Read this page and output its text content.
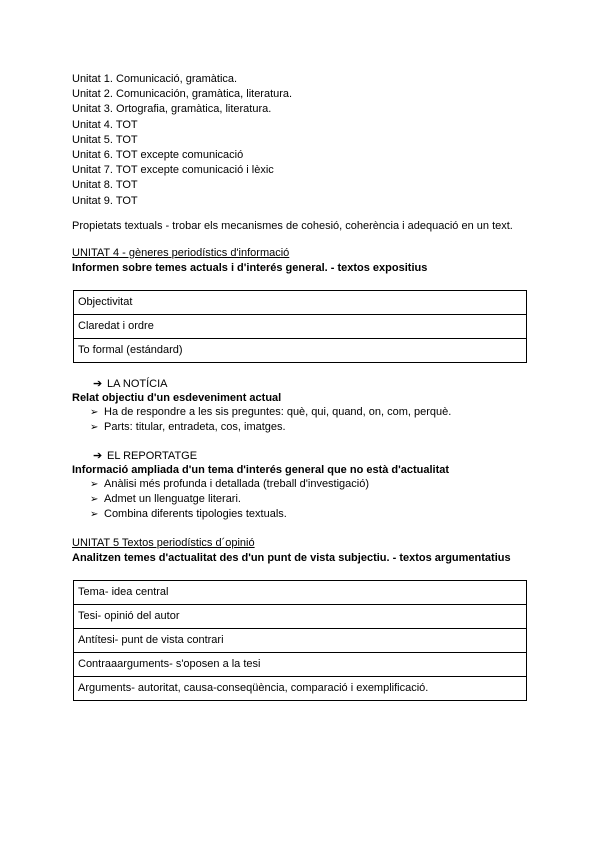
Unitat 1. Comunicació, gramàtica.
Unitat 2. Comunicación, gramàtica, literatura.
Unitat 3. Ortografia, gramàtica, literatura.
Unitat 4. TOT
Unitat 5. TOT
Unitat 6. TOT excepte comunicació
Unitat 7. TOT excepte comunicació i lèxic
Unitat 8. TOT
Unitat 9. TOT
Propietats textuals - trobar els mecanismes de cohesió, coherència i adequació en un text.
UNITAT 4 - gèneres periodístics d'informació
Informen sobre temes actuals i d'interés general. - textos expositius
Objectivitat
Claredat i ordre
To formal (estándard)
➔ LA NOTÍCIA
Relat objectiu d'un esdeveniment actual
➢ Ha de respondre a les sis preguntes: què, qui, quand, on, com, perquè.
➢ Parts: titular, entradeta, cos, imatges.
➔ EL REPORTATGE
Informació ampliada d'un tema d'interés general que no està d'actualitat
➢ Anàlisi més profunda i detallada (treball d'investigació)
➢ Admet un llenguatge literari.
➢ Combina diferents tipologies textuals.
UNITAT 5 Textos periodístics d´opinió
Analitzen temes d'actualitat des d'un punt de vista subjectiu. - textos argumentatius
Tema- idea central
Tesi- opinió del autor
Antítesi- punt de vista contrari
Contraaarguments- s'oposen a la tesi
Arguments- autoritat, causa-conseqüència, comparació i exemplificació.
